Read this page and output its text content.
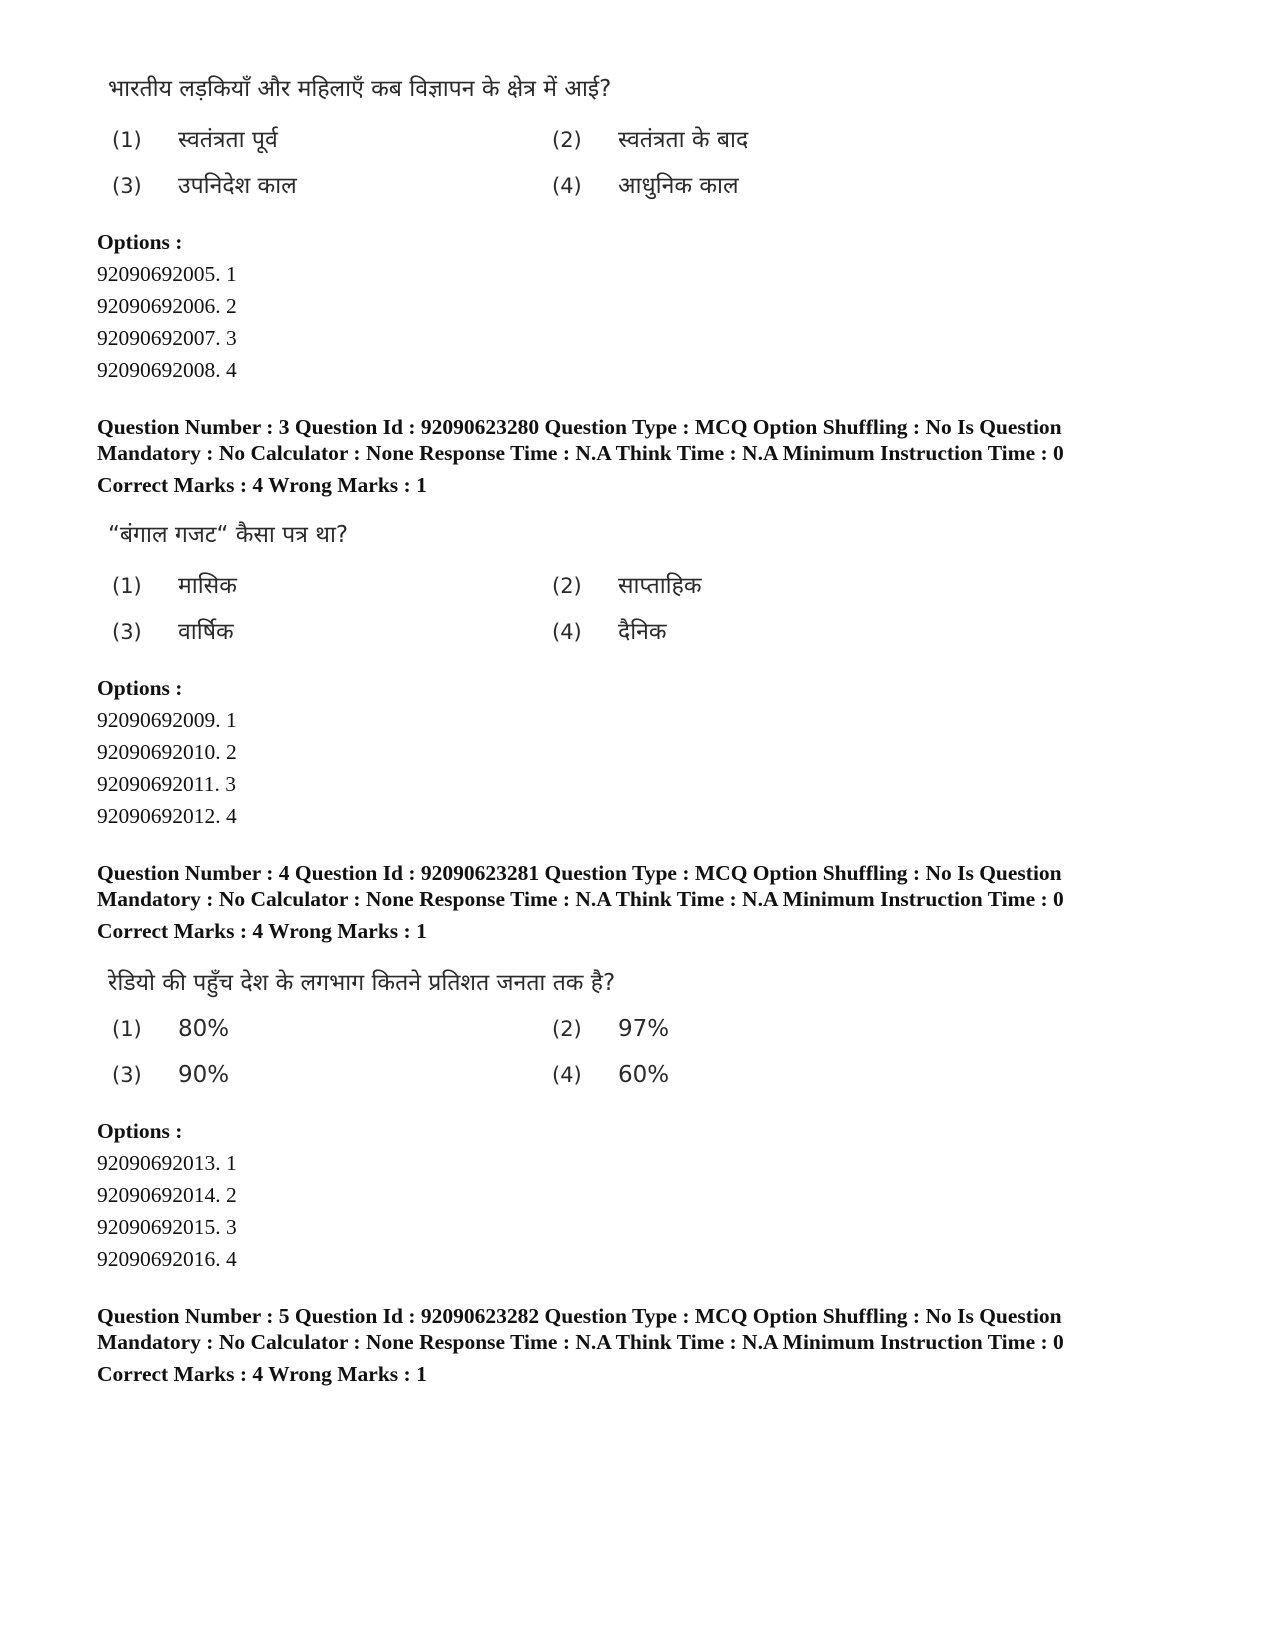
भारतीय लड़कियाँ और महिलाएँ कब विज्ञापन के क्षेत्र में आई?
(1) स्वतंत्रता पूर्व	(2) स्वतंत्रता के बाद
(3) उपनिदेश काल	(4) आधुनिक काल
Options :
92090692005. 1
92090692006. 2
92090692007. 3
92090692008. 4
Question Number : 3 Question Id : 92090623280 Question Type : MCQ Option Shuffling : No Is Question
Mandatory : No Calculator : None Response Time : N.A Think Time : N.A Minimum Instruction Time : 0
Correct Marks : 4 Wrong Marks : 1
“बंगाल गजट“ कैसा पत्र था?
(1) मासिक	(2) साप्ताहिक
(3) वार्षिक	(4) दैनिक
Options :
92090692009. 1
92090692010. 2
92090692011. 3
92090692012. 4
Question Number : 4 Question Id : 92090623281 Question Type : MCQ Option Shuffling : No Is Question
Mandatory : No Calculator : None Response Time : N.A Think Time : N.A Minimum Instruction Time : 0
Correct Marks : 4 Wrong Marks : 1
रेडियो की पहुँच देश के लगभाग कितने प्रतिशत जनता तक है?
(1) 80%	(2) 97%
(3) 90%	(4) 60%
Options :
92090692013. 1
92090692014. 2
92090692015. 3
92090692016. 4
Question Number : 5 Question Id : 92090623282 Question Type : MCQ Option Shuffling : No Is Question
Mandatory : No Calculator : None Response Time : N.A Think Time : N.A Minimum Instruction Time : 0
Correct Marks : 4 Wrong Marks : 1
